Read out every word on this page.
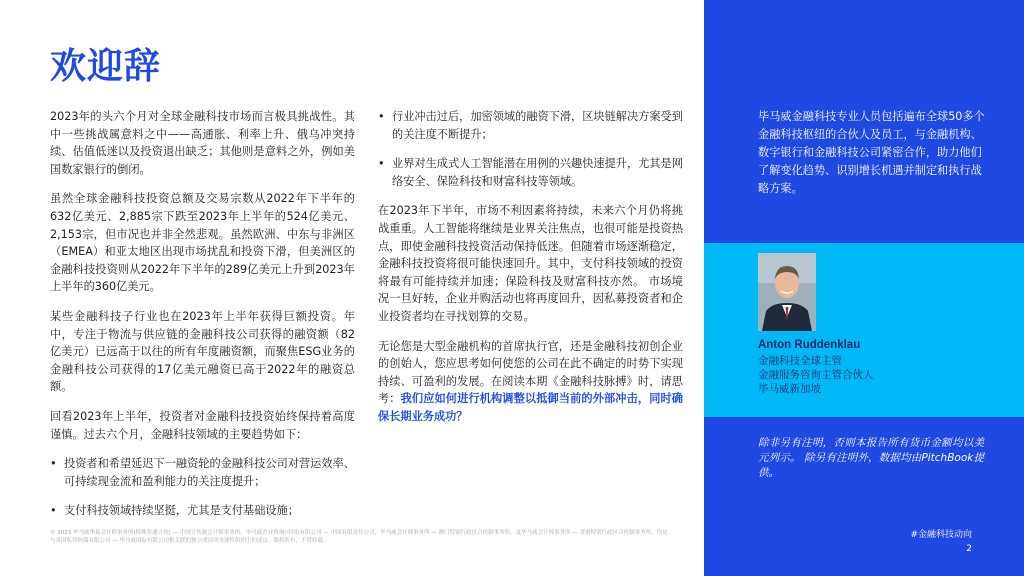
欢迎辞

2023年的头六个月对全球金融科技市场而言极具挑战性。其中一些挑战属意料之中——高通胀、利率上升、俄乌冲突持续、估值低迷以及投资退出缺乏；其他则是意料之外，例如美国数家银行的倒闭。

虽然全球金融科技投资总额及交易宗数从2022年下半年的632亿美元、2,885宗下跌至2023年上半年的524亿美元、2,153宗，但市况也并非全然悲观。虽然欧洲、中东与非洲区（EMEA）和亚太地区出现市场扰乱和投资下滑，但美洲区的金融科技投资则从2022年下半年的289亿美元上升到2023年上半年的360亿美元。

某些金融科技子行业也在2023年上半年获得巨额投资。年中，专注于物流与供应链的金融科技公司获得的融资额（82亿美元）已远高于以往的所有年度融资额，而聚焦ESG业务的金融科技公司获得的17亿美元融资已高于2022年的融资总额。

回看2023年上半年，投资者对金融科技投资始终保持着高度谨慎。过去六个月，金融科技领域的主要趋势如下：

• 投资者和希望延迟下一融资轮的金融科技公司对营运效率、可持续现金流和盈利能力的关注度提升；
• 支付科技领域持续坚挺，尤其是支付基础设施；
• 行业冲击过后，加密领域的融资下滑，区块链解决方案受到的关注度不断提升；
• 业界对生成式人工智能潜在用例的兴趣快速提升，尤其是网络安全、保险科技和财富科技等领域。

在2023年下半年，市场不利因素将持续，未来六个月仍将挑战重重。人工智能将继续是业界关注焦点，也很可能是投资热点，即使金融科技投资活动保持低迷。但随着市场逐渐稳定，金融科技投资将很可能快速回升。其中，支付科技领域的投资将最有可能持续并加速；保险科技及财富科技亦然。 市场境况一旦好转，企业并购活动也将再度回升，因私募投资者和企业投资者均在寻找划算的交易。

无论您是大型金融机构的首席执行官，还是金融科技初创企业的创始人，您应思考如何使您的公司在此不确定的时势下实现持续、可盈利的发展。在阅读本期《金融科技脉搏》时，请思考：我们应如何进行机构调整以抵御当前的外部冲击，同时确保长期业务成功？

毕马威金融科技专业人员包括遍布全球50多个金融科技枢纽的合伙人及员工，与金融机构、数字银行和金融科技公司紧密合作，助力他们了解变化趋势、识别增长机遇并制定和执行战略方案。
Anton Ruddenklau
金融科技全球主管
金融服务咨询主管合伙人
毕马威新加坡
除非另有注明，否则本报告所有货币金额均以美元列示。 除另有注明外，数据均由PitchBook提供。
#金融科技动向
2
© 2023 毕马威华振会计师事务所(特殊普通合伙) — 中国合伙制会计师事务所，毕马威企业咨询(中国)有限公司 — 中国有限责任公司，毕马威会计师事务所 — 澳门特别行政区合伙制事务所，及毕马威会计师事务所 — 香港特别行政区合伙制事务所，均是与英国私营担保有限公司 — 毕马威国际有限公司相关联的独立成员所全球性组织中的成员。版权所有，不得转载。
